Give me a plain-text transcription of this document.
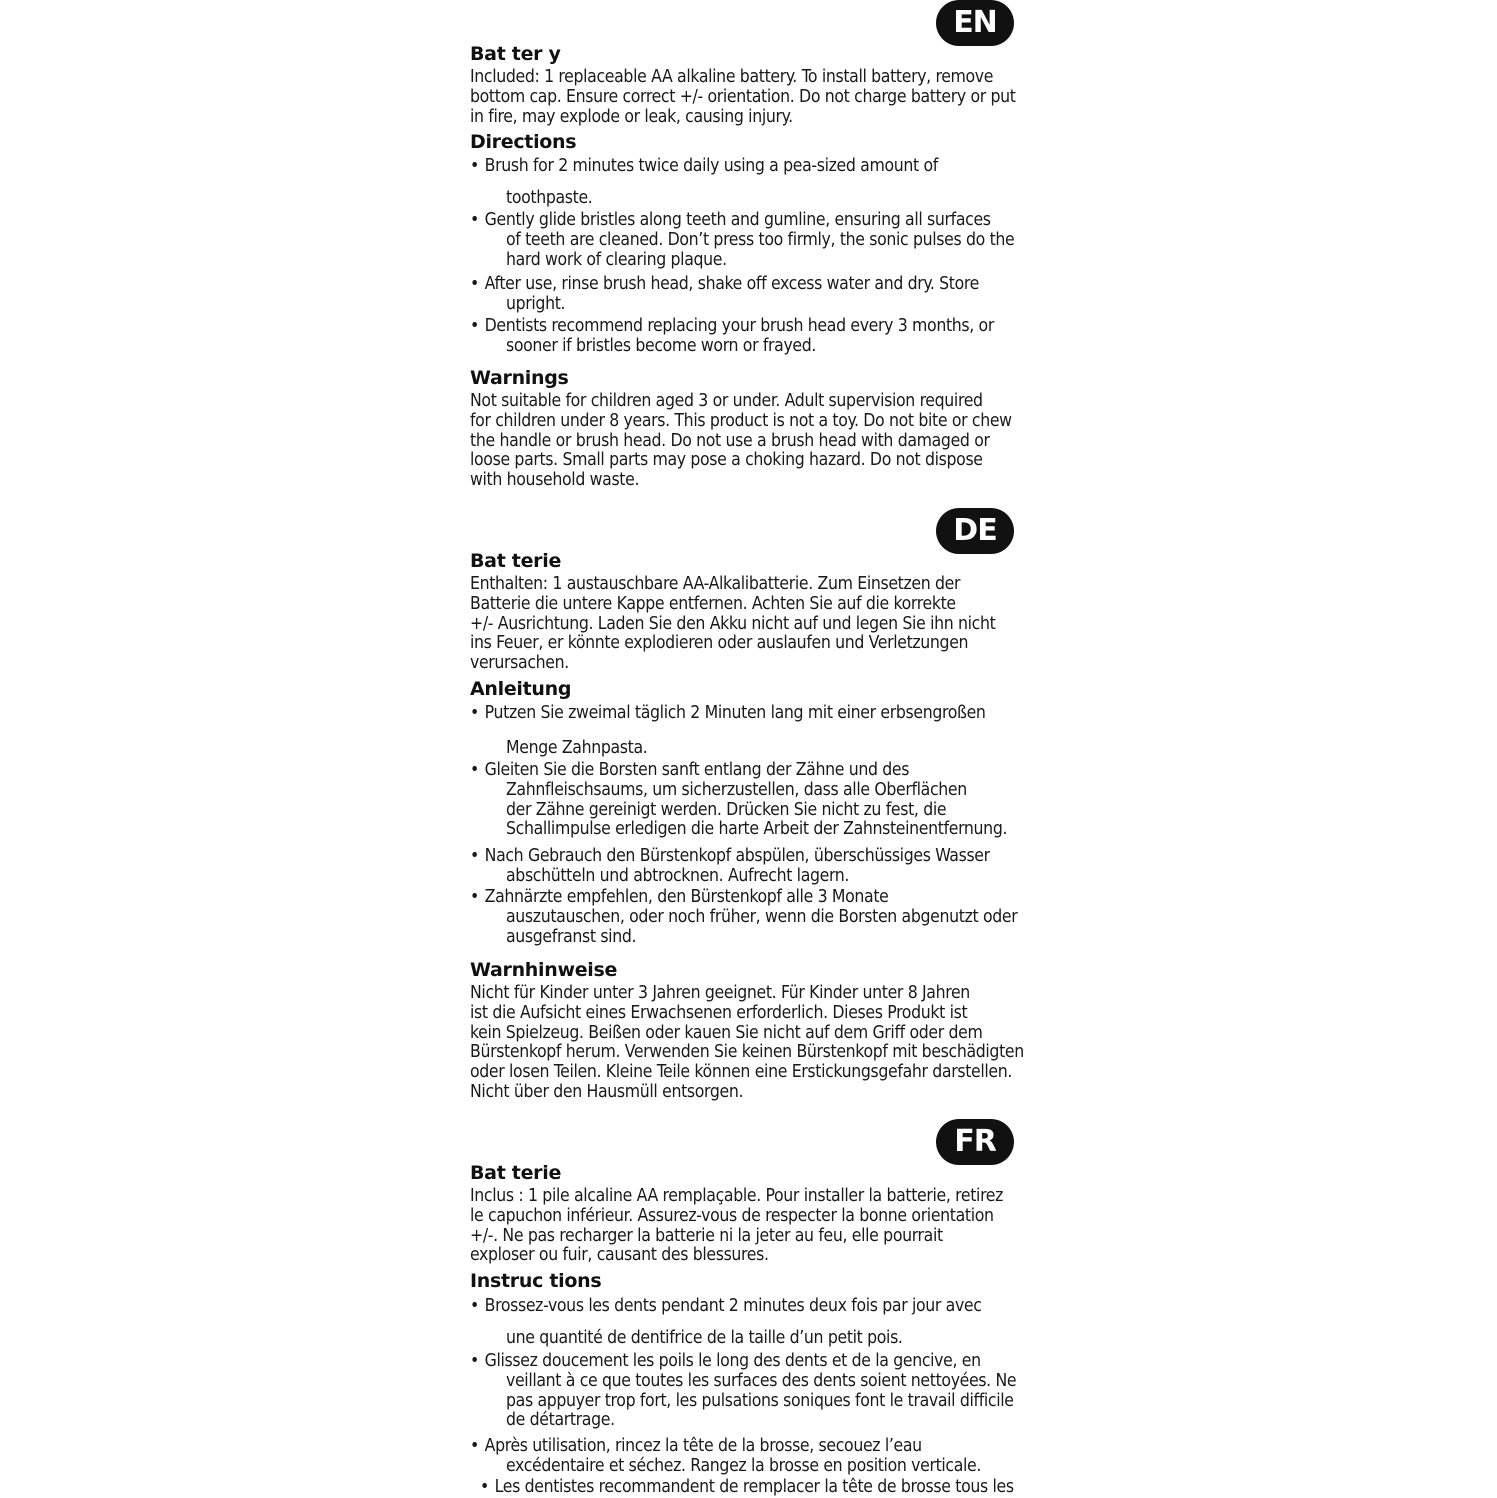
EN
Bat ter y

Included: 1 replaceable AA alkaline battery. To install battery, remove
bottom cap. Ensure correct +/- orientation. Do not charge battery or put
in fire, may explode or leak, causing injury.

Directions
• Brush for 2 minutes twice daily using a pea-sized amount of

toothpaste.

• Gently glide bristles along teeth and gumline, ensuring all surfaces
of teeth are cleaned. Don’t press too firmly, the sonic pulses do the
hard work of clearing plaque.
• After use, rinse brush head, shake off excess water and dry. Store
upright.
• Dentists recommend replacing your brush head every 3 months, or
sooner if bristles become worn or frayed.
Warnings

Not suitable for children aged 3 or under. Adult supervision required
for children under 8 years. This product is not a toy. Do not bite or chew
the handle or brush head. Do not use a brush head with damaged or
loose parts. Small parts may pose a choking hazard. Do not dispose
with household waste.

DE
Bat terie

Enthalten: 1 austauschbare AA-Alkalibatterie. Zum Einsetzen der
Batterie die untere Kappe entfernen. Achten Sie auf die korrekte
+/- Ausrichtung. Laden Sie den Akku nicht auf und legen Sie ihn nicht
ins Feuer, er könnte explodieren oder auslaufen und Verletzungen
verursachen.

Anleitung
• Putzen Sie zweimal täglich 2 Minuten lang mit einer erbsengroßen

Menge Zahnpasta.

• Gleiten Sie die Borsten sanft entlang der Zähne und des
Zahnfleischsaums, um sicherzustellen, dass alle Oberflächen
der Zähne gereinigt werden. Drücken Sie nicht zu fest, die
Schallimpulse erledigen die harte Arbeit der Zahnsteinentfernung.
• Nach Gebrauch den Bürstenkopf abspülen, überschüssiges Wasser
abschütteln und abtrocknen. Aufrecht lagern.
• Zahnärzte empfehlen, den Bürstenkopf alle 3 Monate
auszutauschen, oder noch früher, wenn die Borsten abgenutzt oder
ausgefranst sind.
Warnhinweise

Nicht für Kinder unter 3 Jahren geeignet. Für Kinder unter 8 Jahren
ist die Aufsicht eines Erwachsenen erforderlich. Dieses Produkt ist
kein Spielzeug. Beißen oder kauen Sie nicht auf dem Griff oder dem
Bürstenkopf herum. Verwenden Sie keinen Bürstenkopf mit beschädigten
oder losen Teilen. Kleine Teile können eine Erstickungsgefahr darstellen.
Nicht über den Hausmüll entsorgen.

FR
Bat terie

Inclus : 1 pile alcaline AA remplaçable. Pour installer la batterie, retirez
le capuchon inférieur. Assurez-vous de respecter la bonne orientation
+/-. Ne pas recharger la batterie ni la jeter au feu, elle pourrait
exploser ou fuir, causant des blessures.

Instruc tions
• Brossez-vous les dents pendant 2 minutes deux fois par jour avec

une quantité de dentifrice de la taille d’un petit pois.

• Glissez doucement les poils le long des dents et de la gencive, en
veillant à ce que toutes les surfaces des dents soient nettoyées. Ne
pas appuyer trop fort, les pulsations soniques font le travail difficile
de détartrage.
• Après utilisation, rincez la tête de la brosse, secouez l’eau
excédentaire et séchez. Rangez la brosse en position verticale.
• Les dentistes recommandent de remplacer la tête de brosse tous les
